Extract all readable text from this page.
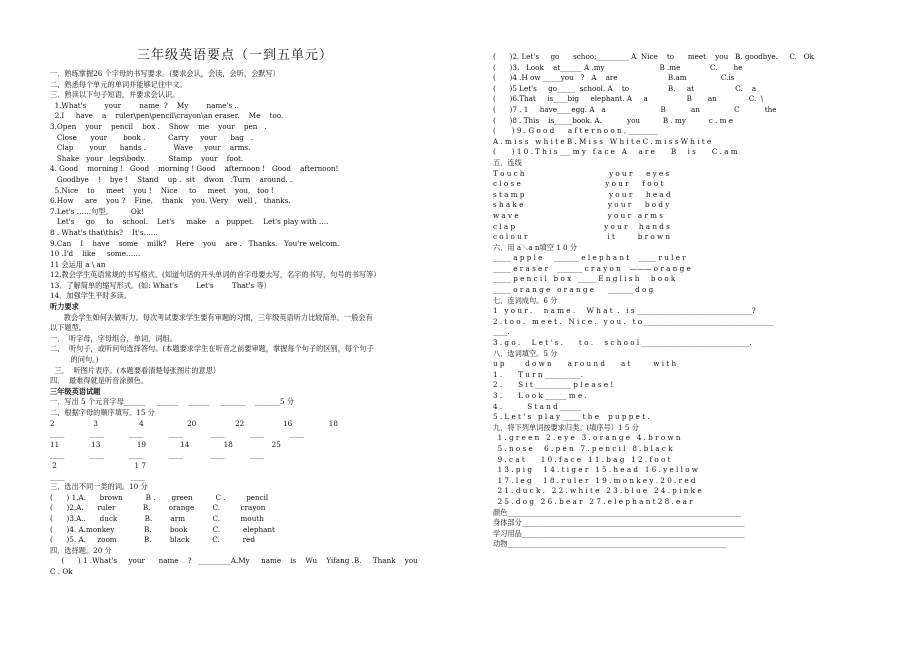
三年级英语要点（一到五单元）
一．熟练掌握26 个字母的书写要求。(要求会认，会读，会听，会默写）
二．熟悉每个单元的单词并能够记住中文。
三．熟读以下句子短语，并要求会认识。
1.What's        your        name  ?    My        name's ..
2.I     have    a    ruler\pen\pencil\crayon\an eraser.    Me    too.
3.Open    your    pencil    box .    Show    me    your    pen   .
Close      your       book .          Carry     your      bag   .
Clap       your      hands .            Wave     your    arms.
Shake   your   legs\body.          Stamp    your    foot.
4. Good    morning !   Good    morning ! Good    afternoon !   Good    afternoon!
Goodbye    !    bye !    Stand    up .  sit    dwon   .Turn    around. .
5.Nice    to     meet    you !    Nice     to     meet    you,   too !
6.How     are    you ?    Fine,    thank    you. \Very    well ,   thanks.
7.Let's ……句型。        Ok!
Let's     go     to    school.    Let's     make    a   puppet.    Let's play with ….
8 . What's that\this?    It's……
9.Can    I    have    some    milk?    Here    you    are .   Thanks.   You're welcom.
10 .I'd    like     some……
11 会运用 a \ an
12.教会学生英语常规的书写格式。(知道句话的开头单词的首字母要大写，名字的书写，句号的书写等）
13．了解简单的缩写形式。(如: What's        Let's        That's 等）
14．加强学生平时多读。
听力要求
教会学生如何去做听力。每次考试要求学生要有审题的习惯，三年级英语听力比较简单，一般会有
以下题型。
一．  听字母，字母组合，单词，词组。
二．  听句子，或听问句选择答句。(本题要求学生在听音之前要审题，掌握每个句子的区别，每个句子
的问句。)
三．  听图片表序。(本题要看清楚每张图片的意思）
四．  最难得就是听音涂颜色。
三年级英语试题
一．写出 5 个元音字母______     ______    ______     _______    _______5 分
二．根据字母的顺序填写。15 分
2                 3                  4                   20                 22                 16                18
____           ____           ____           ____            ____           ____           ____
11              13                19               14               18                 25
____           ____           ____           ____            ____           ____
2                                  1 7
____                             ____
三．选出不同一类的词。10 分
(      ) 1.A.      brown          B .       green          C .         pencil
(      )2.A.      ruler            B.        orange        C.         crayon
(      )3.A..      duck            B.        arm            C.         mouth
(      )4. A.monkey             B.        book           C.          elephant
(      )5. A.     zoom            B.        black          C.          red
四．选择题。20 分
(      ) 1 .What's     your      name    ?   _________A.My     name    is    Wu    Yifang .B.     Thank    you
C . Ok
(      )2. Let's     go      schoo;_________ A  Nice    to      meet    you   B. goodbye.     C.   Ok
(      )3.   Look    at______ A .my                        B .me             C.       he
(      )4 .H ow _____you   ?   A    are                      B.am               C.is
(      )5 Let's     go_____  school. A    to                 B.     at                  C.    a
(      )6.That     is____big     elephant. A     a                 B       an              C.  \
(      )7 . 1     have____egg. A   a                        B           an               C           the
(      )8 . This    is_____book. A.           you          B . my          c . m e
(       ) 9 . G o o d      a f t e r n o o n , ________
A . m i s s   w h i t e B . M i s s   W h i t e C . m i s s W h i t e
(       ) 1 0 . T h i s ___ m y   f a c e   A     a r e       B     i s       C . a m
五．连线
T o u c h                                     y o u r      e y e s
c l o s e                                     y o u r      f o o t
s t a m p                                     y o u r      h e a d
s h a k e                                     y o u r      b o d y
w a v e                                       y o u r   a r m s
c l a p                                       y o u r     h a n d s
c o l o u r                                   i t          b r o w n
六．用 a＼a n填空 1 0 分
_____ a p p l e     _______ e l e p h a n t    _____ r u l e r
_____ e r a s e r    _______ c r a y o n    ——— o r a n g e
_____ p e n c i l   b o x   _____ E n g l i s h     b o o k
_____ o r a n g e   o r a n g e      _______ d o g
七．连词成句。6 分
1   y o u r .     n a m e .     W h a t  .   i s ________________________________?
2 . t o o .   m e e t .   N i c e .   y o u .   t o ____________________________________
____.
3 . g o .     L e t ' s .       t o .     s c h o o l ______________________________.
八．选词填空。5 分
u p         d o w n       a r o u n d       a t          w i t h
1 .       T u r n __________.
2 .       S i t __________ p l e a s e !
3 .       L o o k ______ m e .
4 .           S t a n d ______
5 . L e t ' s   p l a y _____ t h e    p u p p e t .
九．将下列单词按要求归类。(填序号）1 5 分
1 . g r e e n   2 . e y e   3 . o r a n g e   4 . b r o w n
5 . n o s e     6 . p e n   7 . p e n c i l   8 . b l a c k
9 . c a t       1 0 . f a c e   1 1 . b a g   1 2 . f o o t
1 3 . p i g     1 4 . t i g e r   1 5 . h e a d   1 6 . y e l l o w
1 7 . l e g     1 8 . r u l e r   1 9 . m o n k e y . 2 0 . r e d
2 1 . d u c k .   2 2 . w h i t e   2 3 . b l u e   2 4 . p i n k e
2 5 . d o g   2 6 . b e a r   2 7 . e l e p h a n t 2 8 . e a r
颜色_________________________________________________________________
身体部分______________________________________________________________
学习用品______________________________________________________________
动物_____________________________________________________________
